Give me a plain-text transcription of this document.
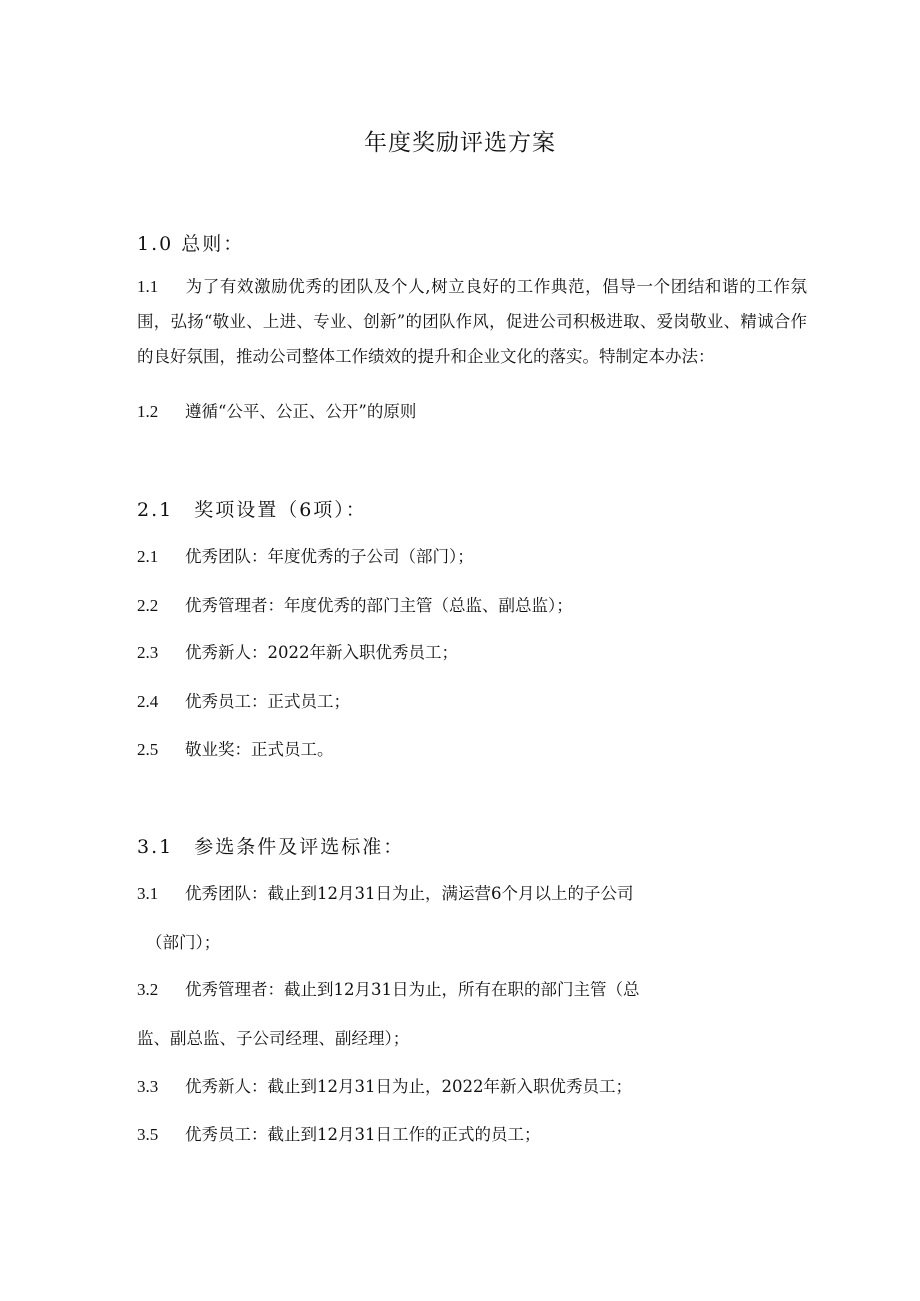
年度奖励评选方案
1.0 总则：
1.1 为了有效激励优秀的团队及个人,树立良好的工作典范，倡导一个团结和谐的工作氛围，弘扬“敬业、上进、专业、创新”的团队作风，促进公司积极进取、爱岗敬业、精诚合作的良好氛围，推动公司整体工作绩效的提升和企业文化的落实。特制定本办法：
1.2 遵循“公平、公正、公开”的原则
2.1　奖项设置（6项）：
2.1 优秀团队：年度优秀的子公司（部门）；
2.2 优秀管理者：年度优秀的部门主管（总监、副总监）；
2.3 优秀新人：2022年新入职优秀员工；
2.4 优秀员工：正式员工；
2.5 敬业奖：正式员工。
3.1　参选条件及评选标准：
3.1 优秀团队：截止到12月31日为止，满运营6个月以上的子公司
（部门）；
3.2 优秀管理者：截止到12月31日为止，所有在职的部门主管（总
监、副总监、子公司经理、副经理）；
3.3 优秀新人：截止到12月31日为止，2022年新入职优秀员工；
3.5 优秀员工：截止到12月31日工作的正式的员工；
